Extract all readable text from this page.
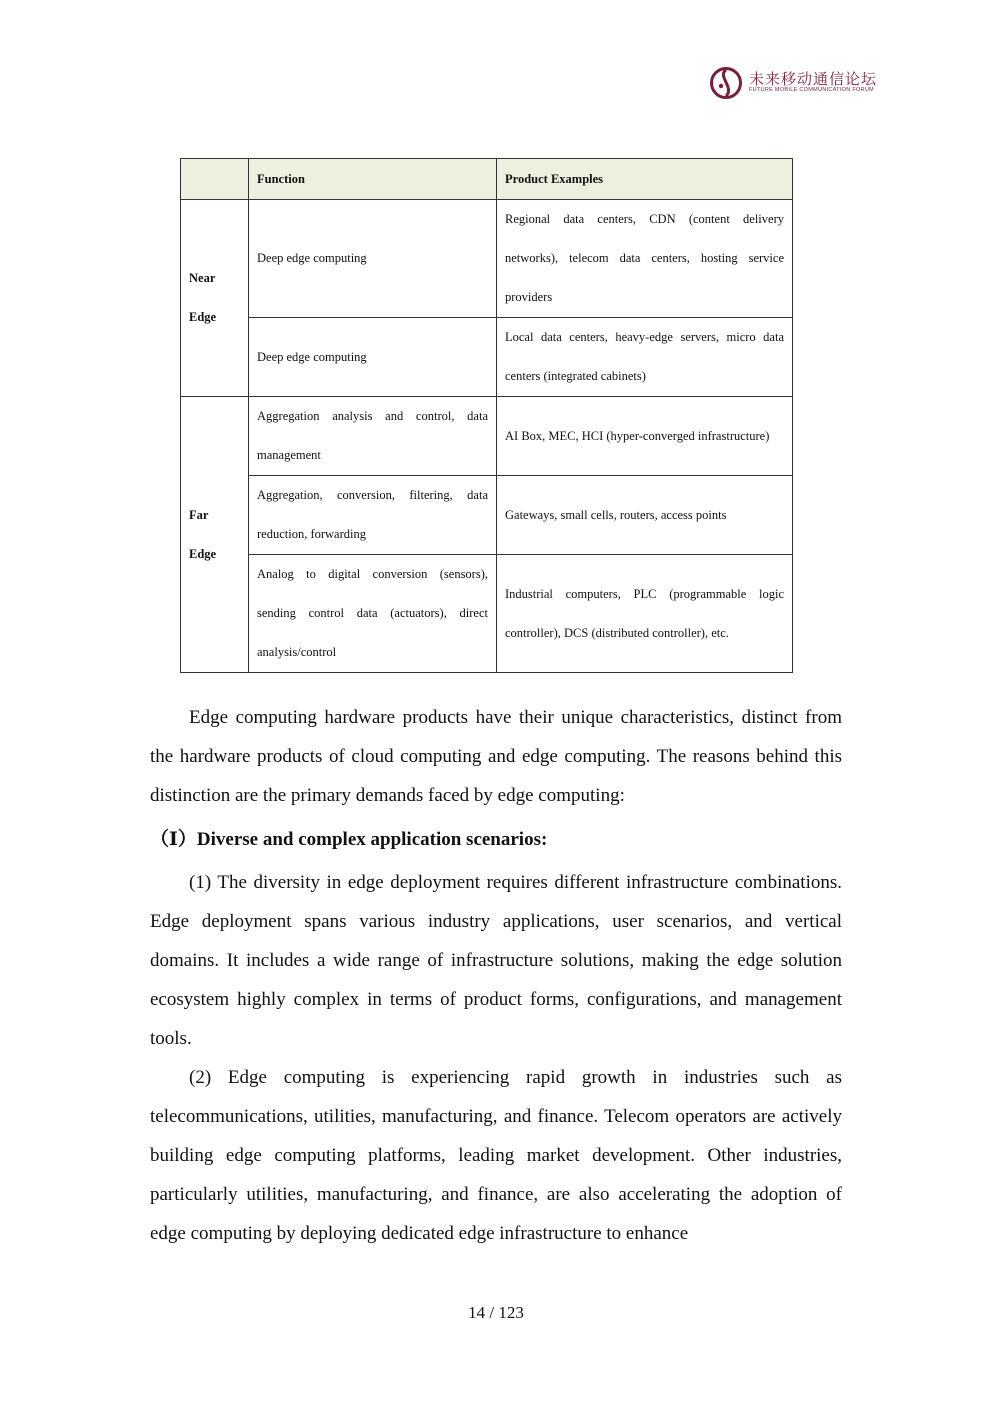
未来移动通信论坛
FUTURE MOBILE COMMUNICATION FORUM
	Function	Product Examples

Near
Edge	Deep edge computing	Regional data centers, CDN (content delivery networks), telecom data centers, hosting service providers
	Deep edge computing	Local data centers, heavy-edge servers, micro data centers (integrated cabinets)

Far
Edge	Aggregation analysis and control, data management	AI Box, MEC, HCI (hyper-converged infrastructure)
	Aggregation, conversion, filtering, data reduction, forwarding	Gateways, small cells, routers, access points
	Analog to digital conversion (sensors), sending control data (actuators), direct analysis/control	Industrial computers, PLC (programmable logic controller), DCS (distributed controller), etc.

Edge computing hardware products have their unique characteristics, distinct from the hardware products of cloud computing and edge computing. The reasons behind this distinction are the primary demands faced by edge computing:

（Ⅰ）Diverse and complex application scenarios:

(1) The diversity in edge deployment requires different infrastructure combinations. Edge deployment spans various industry applications, user scenarios, and vertical domains. It includes a wide range of infrastructure solutions, making the edge solution ecosystem highly complex in terms of product forms, configurations, and management tools.

(2) Edge computing is experiencing rapid growth in industries such as telecommunications, utilities, manufacturing, and finance. Telecom operators are actively building edge computing platforms, leading market development. Other industries, particularly utilities, manufacturing, and finance, are also accelerating the adoption of edge computing by deploying dedicated edge infrastructure to enhance

14 / 123
